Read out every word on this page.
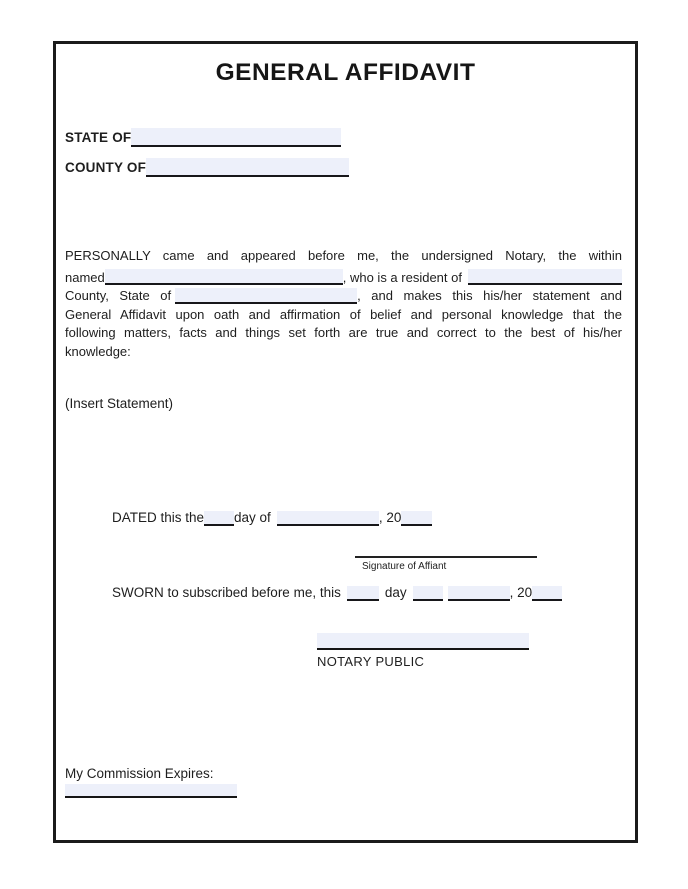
GENERAL AFFIDAVIT
STATE OF
COUNTY OF
PERSONALLY came and appeared before me, the undersigned Notary, the within
named	, who is a resident of
County, State of	, and makes this his/her statement and
General Affidavit upon oath and affirmation of belief and personal knowledge that the
following matters, facts and things set forth are true and correct to the best of his/her
knowledge:
(Insert Statement)
DATED this the day of	, 20
Signature of Affiant
SWORN to subscribed before me, this	day	, 20
NOTARY PUBLIC
My Commission Expires:
